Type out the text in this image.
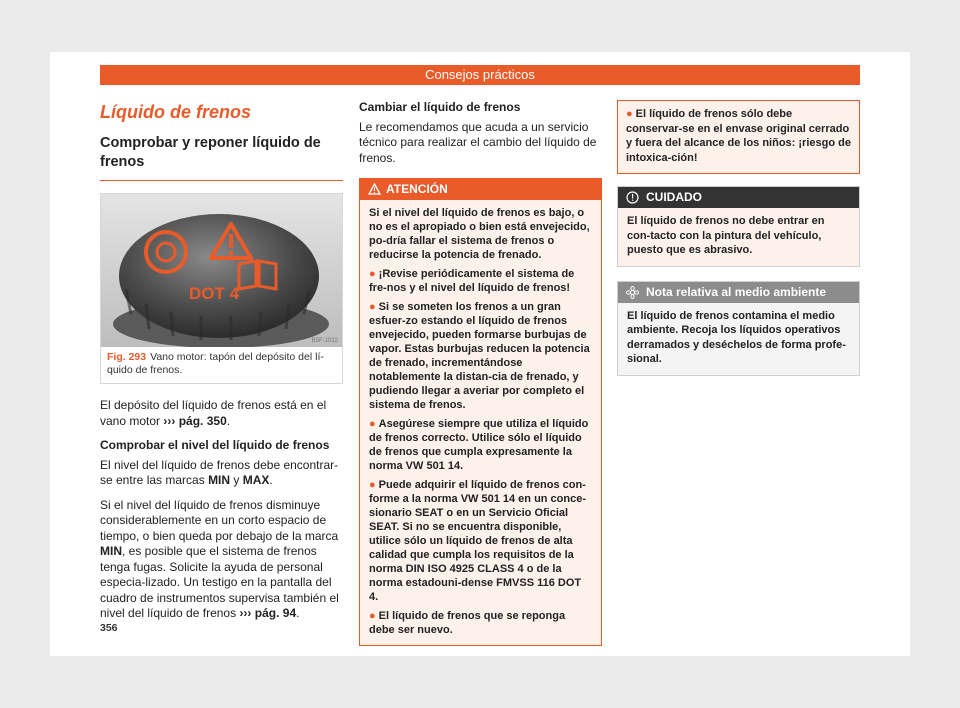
Consejos prácticos
Líquido de frenos
Comprobar y reponer líquido de frenos
DOT 4
B5F-1022
Fig. 293 Vano motor: tapón del depósito del lí-quido de frenos.

El depósito del líquido de frenos está en el vano motor ››› pág. 350.

Comprobar el nivel del líquido de frenos

El nivel del líquido de frenos debe encontrar-se entre las marcas MIN y MAX.

Si el nivel del líquido de frenos disminuye considerablemente en un corto espacio de tiempo, o bien queda por debajo de la marca MIN, es posible que el sistema de frenos tenga fugas. Solicite la ayuda de personal especia-lizado. Un testigo en la pantalla del cuadro de instrumentos supervisa también el nivel del líquido de frenos ››› pág. 94.

Cambiar el líquido de frenos

Le recomendamos que acuda a un servicio técnico para realizar el cambio del líquido de frenos.

ATENCIÓN

Si el nivel del líquido de frenos es bajo, o no es el apropiado o bien está envejecido, po-dría fallar el sistema de frenos o reducirse la potencia de frenado.

● ¡Revise periódicamente el sistema de fre-nos y el nivel del líquido de frenos!

● Si se someten los frenos a un gran esfuer-zo estando el líquido de frenos envejecido, pueden formarse burbujas de vapor. Estas burbujas reducen la potencia de frenado, incrementándose notablemente la distan-cia de frenado, y pudiendo llegar a averiar por completo el sistema de frenos.

● Asegúrese siempre que utiliza el líquido de frenos correcto. Utilice sólo el líquido de frenos que cumpla expresamente la norma VW 501 14.

● Puede adquirir el líquido de frenos con-forme a la norma VW 501 14 en un conce-sionario SEAT o en un Servicio Oficial SEAT. Si no se encuentra disponible, utilice sólo un líquido de frenos de alta calidad que cumpla los requisitos de la norma DIN ISO 4925 CLASS 4 o de la norma estadouni-dense FMVSS 116 DOT 4.

● El líquido de frenos que se reponga debe ser nuevo.

● El líquido de frenos sólo debe conservar-se en el envase original cerrado y fuera del alcance de los niños: ¡riesgo de intoxica-ción!

CUIDADO

El líquido de frenos no debe entrar en con-tacto con la pintura del vehículo, puesto que es abrasivo.

Nota relativa al medio ambiente

El líquido de frenos contamina el medio ambiente. Recoja los líquidos operativos derramados y deséchelos de forma profe-sional.

356
